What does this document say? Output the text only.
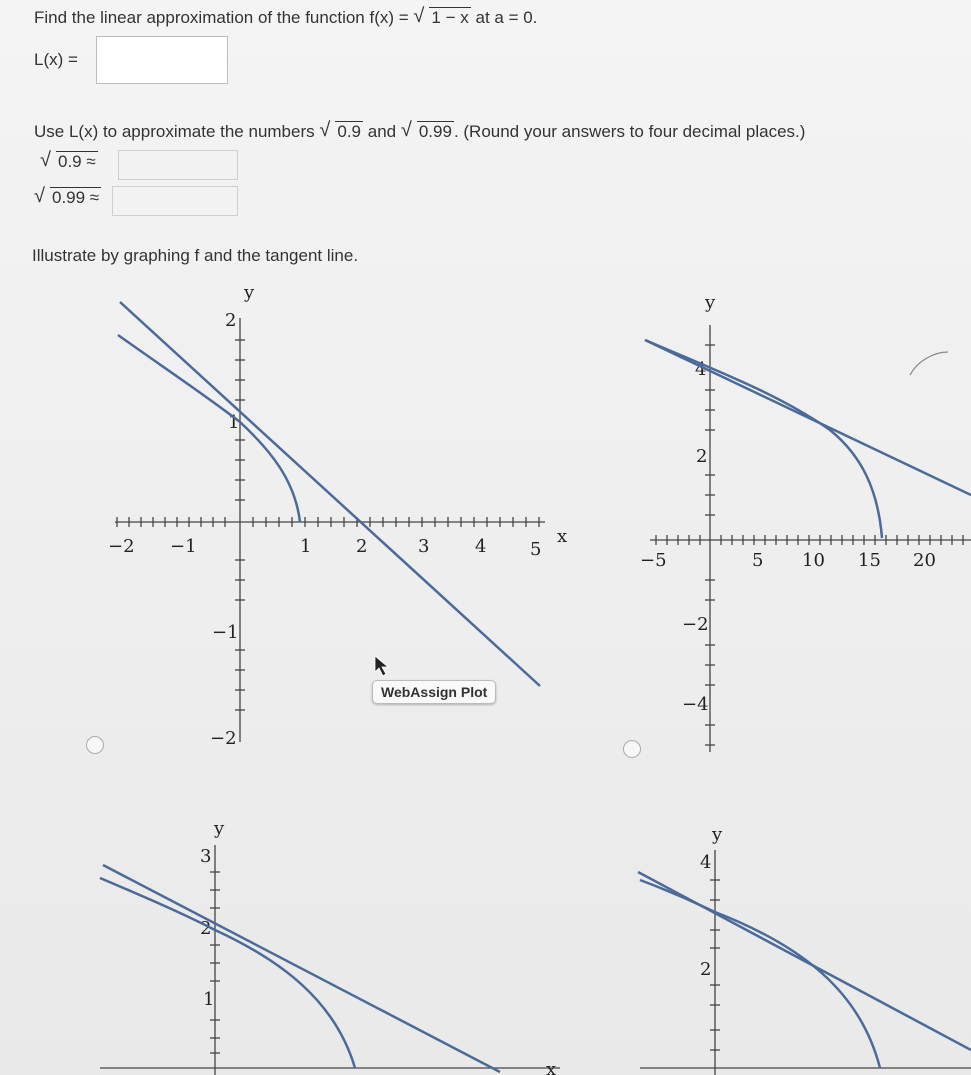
Find the linear approximation of the function f(x) = √ 1 − x at a = 0.
L(x) =
Use L(x) to approximate the numbers √ 0.9 and √ 0.99 . (Round your answers to four decimal places.)
√ 0.9 ≈
√ 0.99 ≈
Illustrate by graphing f and the tangent line.
y
x
−2 −1	1 2	3	4 5
2
1
−1
−2
y
−5	5 10 15 20
4
2
−2
−4
y
x
3
2
1
y
4
2
WebAssign Plot
